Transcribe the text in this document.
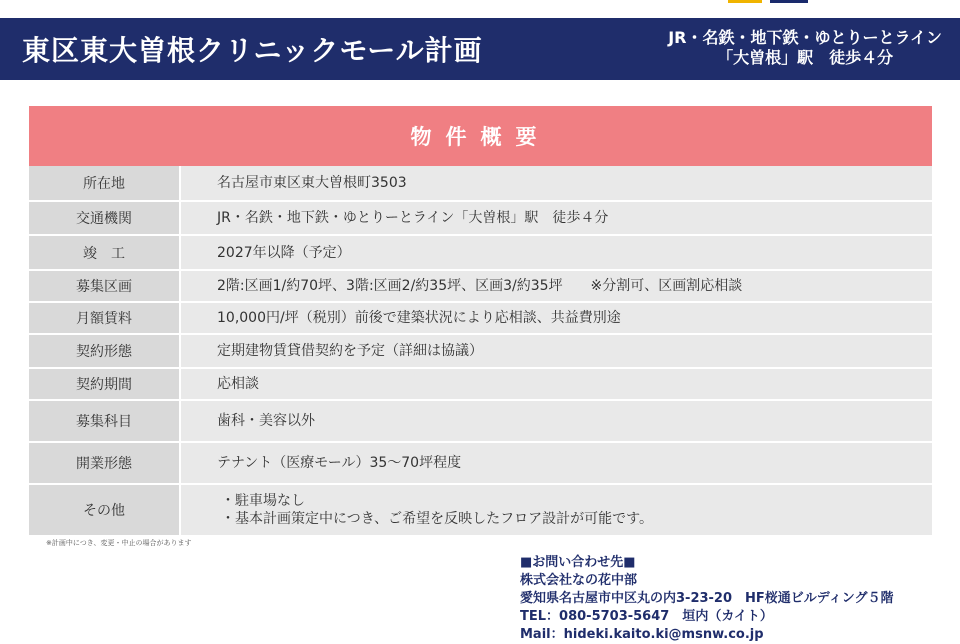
東区東大曽根クリニックモール計画	JR・名鉄・地下鉄・ゆとりーとライン
「大曽根」駅　徒歩４分
物件概要
所在地	名古屋市東区東大曽根町3503
交通機関	JR・名鉄・地下鉄・ゆとりーとライン「大曽根」駅　徒歩４分
竣　工	2027年以降（予定）
募集区画	2階:区画1/約70坪、3階:区画2/約35坪、区画3/約35坪　　※分割可、区画割応相談
月額賃料	10,000円/坪（税別）前後で建築状況により応相談、共益費別途
契約形態	定期建物賃貸借契約を予定（詳細は協議）
契約期間	応相談
募集科目	歯科・美容以外
開業形態	テナント（医療モール）35～70坪程度
その他
・駐車場なし
・基本計画策定中につき、ご希望を反映したフロア設計が可能です。
※計画中につき、変更・中止の場合があります
■お問い合わせ先■
株式会社なの花中部
愛知県名古屋市中区丸の内3-23-20　HF桜通ビルディング５階
TEL：080-5703-5647　垣内（カイト）
Mail：hideki.kaito.ki@msnw.co.jp
